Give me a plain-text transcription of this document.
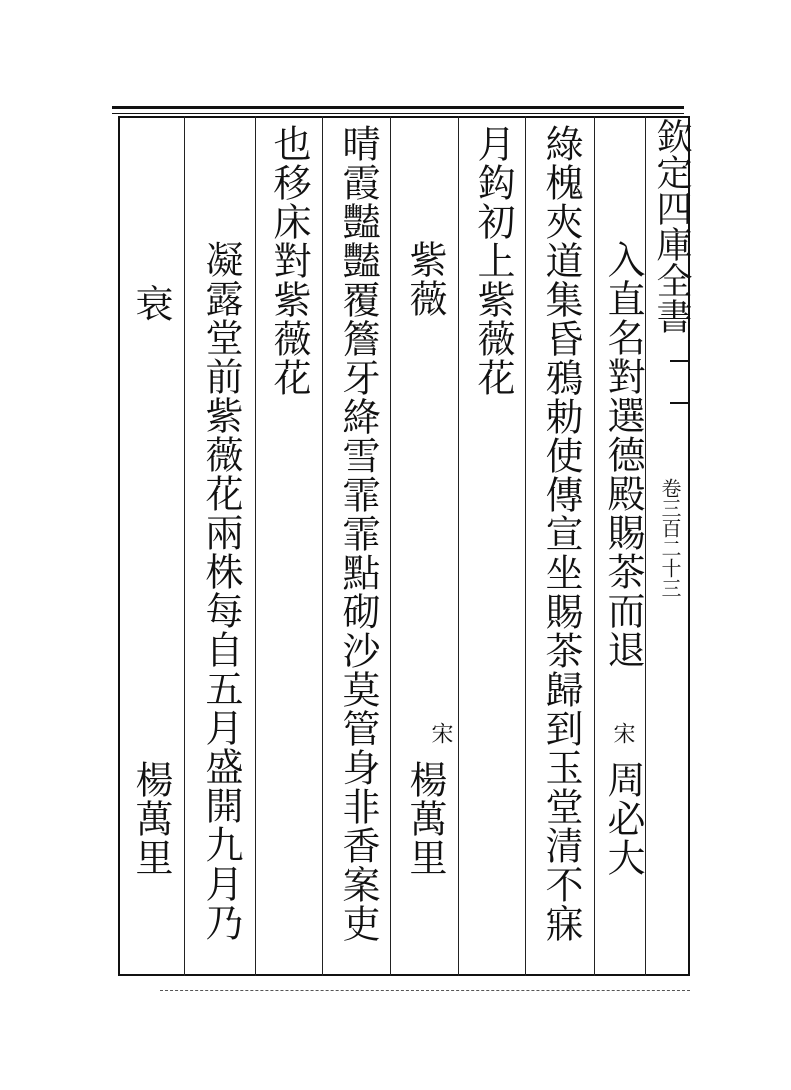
欽定四庫全書
卷三百二十三
入直名對選德殿賜茶而退
宋
周必大
綠槐夾道集昏鴉勅使傳宣坐賜茶歸到玉堂清不寐
月鈎初上紫薇花
紫薇
宋
楊萬里
晴霞豔豔覆簷牙絳雪霏霏點砌沙莫管身非香案吏
也移床對紫薇花
凝露堂前紫薇花兩株每自五月盛開九月乃
衰
楊萬里
